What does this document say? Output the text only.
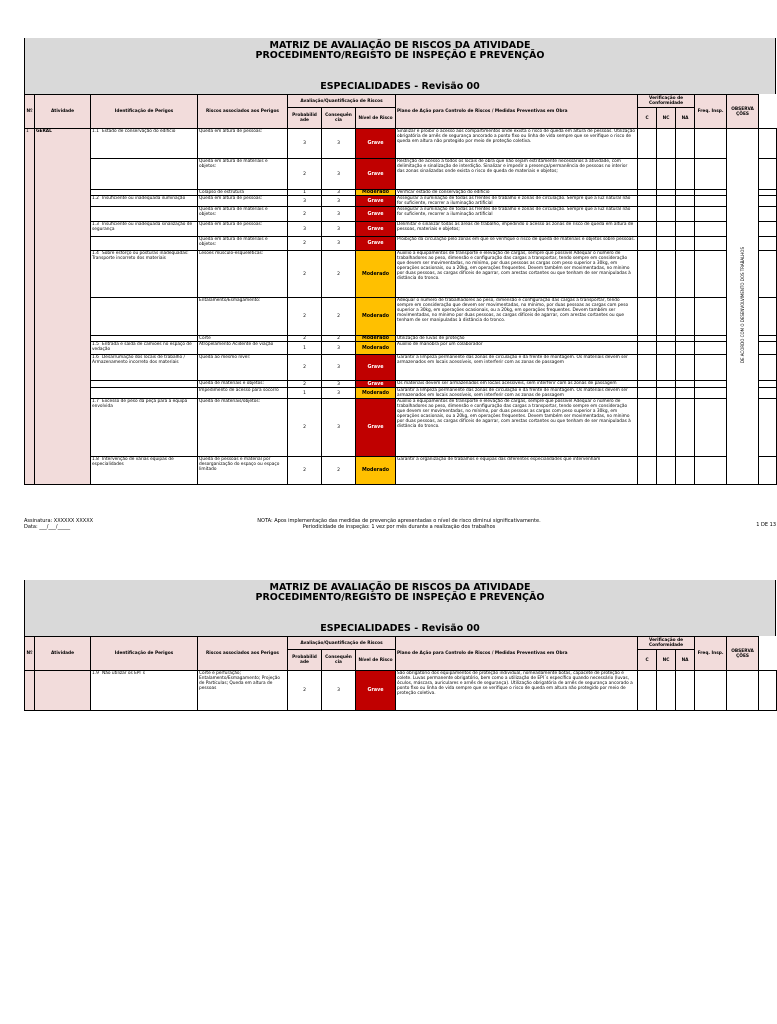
MATRIZ DE AVALIAÇÃO DE RISCOS DA ATIVIDADE
PROCEDIMENTO/REGISTO DE INSPEÇÃO E PREVENÇÃO
ESPECIALIDADES - Revisão 00
Nº	Atividade	Identificação de Perigos	Riscos associados aos Perigos	Avaliação/Quantificação de Riscos			Plano de Ação para Controlo de Riscos / Medidas Preventivas em Obra	Verificação de Conformidade			Freq. Insp.	OBSERVA ÇÕES	
				Probabilid ade	Consequên cia	Nível de Risco		C	NC	NA			
1	GERAL	1.1 Estado de conservação do edifício	Queda em altura de pessoas:	3	3	Grave	Sinalizar e proibir o acesso aos compartimentos onde exista o risco de queda em altura de pessoas. Utilização obrigatória de arnês de segurança ancorado a ponto fixo ou linha de vida sempre que se verifique o risco de queda em altura não protegido por meio de proteção coletiva.					DE ACORDO COM O DESENVOLVIMENTO DOS TRABALHOS	
			Queda em altura de materiais e objetos:	2	3	Grave	Restrição de acesso a todos os locais de obra que não sejam estritamente necessários à atividade, com delimitação e sinalização de interdição. Sinalizar e impedir a presença/permanência de pessoas no interior das zonas sinalizadas onde exista o risco de queda de materiais e objetos;						
			Colapso de estrutura	1	3	Moderado	Verificar estado de conservação do edifício						
		1.2 Insuficiente ou inadequada iluminação	Queda em altura de pessoas:	3	3	Grave	Assegurar a iluminação de todas as frentes de trabalho e zonas de circulação. Sempre que a luz natural não for suficiente, recorrer a iluminação artificial						
			Queda em altura de materiais e objetos:	2	3	Grave	Assegurar a iluminação de todas as frentes de trabalho e zonas de circulação. Sempre que a luz natural não for suficiente, recorrer a iluminação artificial						
		1.3 Insuficiente ou inadequada sinalização de segurança	Queda em altura de pessoas:	3	3	Grave	Delimitar e sinalizar todas as áreas de trabalho, impedindo o acesso as zonas de risco de queda em altura de pessoas, materiais e objetos;						
			Queda em altura de materiais e objetos:	2	3	Grave	Proibição da circulação pelo zonas em que se verifique o risco de queda de materiais e objetos sobre pessoas.						
		1.4 Sobre esforço ou posturas inadequadas: Transporte incorreto dos materiais	Lesões músculo-esqueléticas:	2	2	Moderado	Auxílio a equipamentos de transporte e elevação de cargas, sempre que possível Adequar o número de trabalhadores ao peso, dimensão e configuração das cargas a transportar, tendo sempre em consideração que devem ser movimentadas, no mínimo, por duas pessoas as cargas com peso superior a 30kg, em operações ocasionais, ou a 20kg, em operações frequentes. Devem também ser movimentadas, no mínimo por duas pessoas, as cargas difíceis de agarrar, com arestas cortantes ou que tenham de ser manipuladas à distância do tronco.						
			Entalamento/Esmagamento:	2	2	Moderado	Adequar o número de trabalhadores ao peso, dimensão e configuração das cargas a transportar, tendo sempre em consideração que devem ser movimentadas, no mínimo, por duas pessoas as cargas com peso superior a 30kg, em operações ocasionais, ou a 20kg, em operações frequentes. Devem também ser movimentadas, no mínimo por duas pessoas, as cargas difíceis de agarrar, com arestas cortantes ou que tenham de ser manipuladas à distância do tronco.						
			Corte	2	2	Moderado	Utilização de luvas de proteção						
		1.5 Entrada e saída de camiões no espaço de vedação	Atropelamento Acidente de viação	1	3	Moderado	Auxílio de manobra por um colaborador						
		1.6 Desarrumação dos locais de trabalho / Armazenamento incorreto dos materiais	Queda ao mesmo nível:	2	3	Grave	Garantir a limpeza permanente das zonas de circulação e da frente de montagem. Os materiais devem ser armazenados em locais acessíveis, sem interferir com as zonas de passagem						
			Queda de materiais e objetos:	2	3	Grave	Os materiais devem ser armazenados em locais acessíveis, sem interferir com as zonas de passagem						
			Impedimento de acesso para socorro	1	3	Moderado	Garantir a limpeza permanente das zonas de circulação e da frente de montagem. Os materiais devem ser armazenados em locais acessíveis, sem interferir com as zonas de passagem						
		1.7 Excesso de peso da peça para a equipa envolvida	Queda de materiais/objetos:	2	3	Grave	Auxílio a equipamentos de transporte e elevação de cargas, sempre que possível Adequar o número de trabalhadores ao peso, dimensão e configuração das cargas a transportar, tendo sempre em consideração que devem ser movimentadas, no mínimo, por duas pessoas as cargas com peso superior a 30kg, em operações ocasionais, ou a 20kg, em operações frequentes. Devem também ser movimentadas, no mínimo por duas pessoas, as cargas difíceis de agarrar, com arestas cortantes ou que tenham de ser manipuladas à distância do tronco.						
		1.8 Intervenção de várias equipas de especialidades	Queda de pessoas e material por desorganização do espaço ou espaço limitado	2	2	Moderado	Garantir a organização de trabalhos e equipas das diferentes especialidades que intervenham						
Assinatura: XXXXXX XXXXX
Data: ___/___/_____
NOTA: Apos implementação das medidas de prevenção apresentadas o nível de risco diminui significativamente.
Periodicidade de inspeção: 1 vez por mês durante a realização dos trabalhos	1 DE 13
MATRIZ DE AVALIAÇÃO DE RISCOS DA ATIVIDADE
PROCEDIMENTO/REGISTO DE INSPEÇÃO E PREVENÇÃO
ESPECIALIDADES - Revisão 00
Nº	Atividade	Identificação de Perigos	Riscos associados aos Perigos	Avaliação/Quantificação de Riscos			Plano de Ação para Controlo de Riscos / Medidas Preventivas em Obra	Verificação de Conformidade			Freq. Insp.	OBSERVA ÇÕES	
				Probabilid ade	Consequên cia	Nível de Risco		C	NC	NA			
		1.9 Não utilizar os EPI´s	Corte e perfuração; Entalamento/Esmagamento; Projeção de Partículas; Queda em altura de pessoas	2	3	Grave	São obrigatório dos equipamentos de proteção individual, nomeadamente botas, capacete de proteção e colete. Luvas permanente obrigatório, bem como a utilização de EPI´s específico quando necessário (luvas, óculos, máscara, auriculares e arnês de segurança). Utilização obrigatória de arnês de segurança ancorado a ponto fixo ou linha de vida sempre que se verifique o risco de queda em altura não protegido por meio de proteção coletiva.						
